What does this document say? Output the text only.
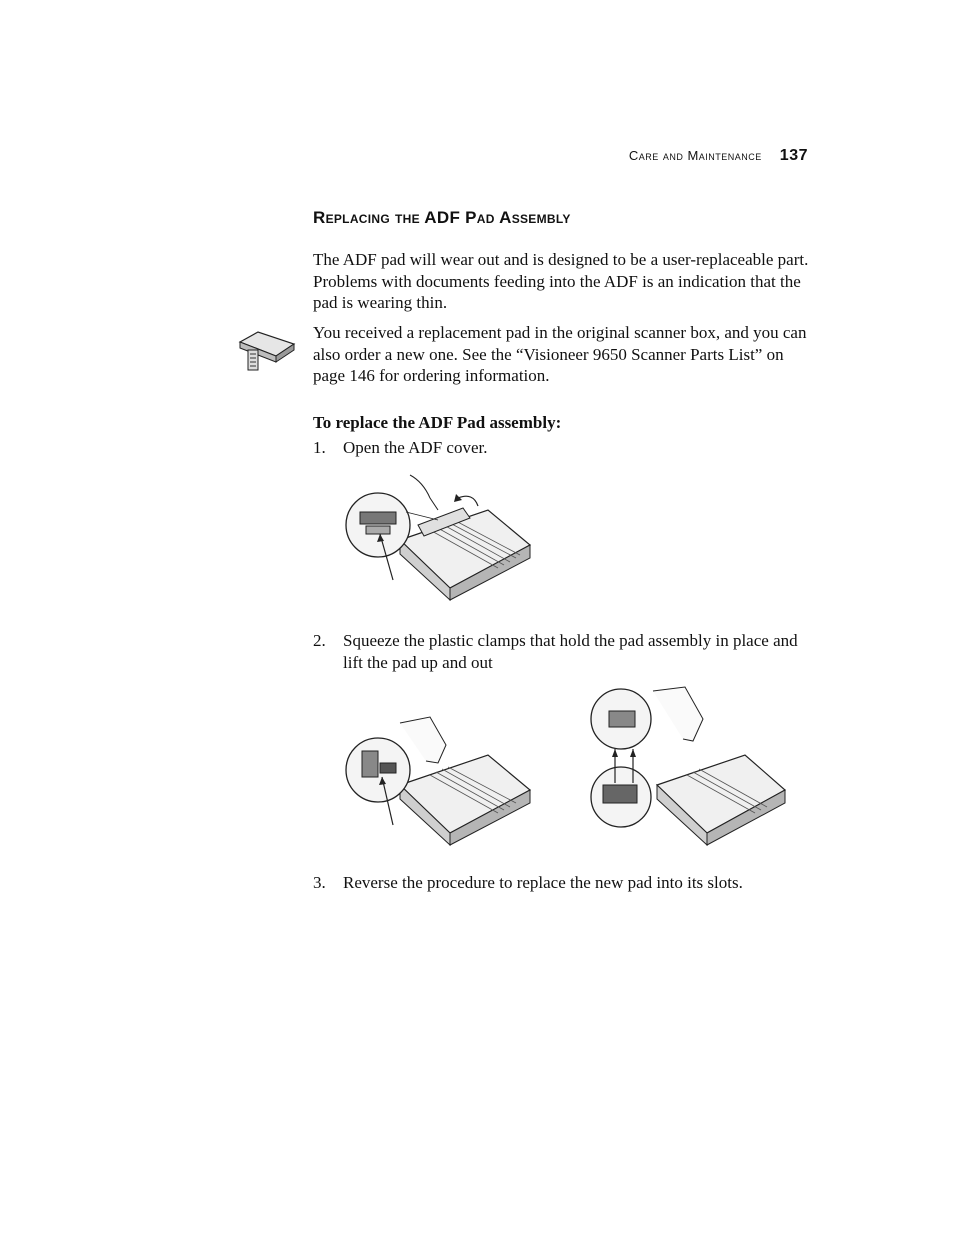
Care and Maintenance 137
Replacing the ADF Pad Assembly

The ADF pad will wear out and is designed to be a user-replaceable part. Problems with documents feeding into the ADF is an indication that the pad is wearing thin.

You received a replacement pad in the original scanner box, and you can also order a new one. See the “Visioneer 9650 Scanner Parts List” on page 146 for ordering information.

To replace the ADF Pad assembly:

1.	Open the ADF cover.
2.	Squeeze the plastic clamps that hold the pad assembly in place and lift the pad up and out
3.	Reverse the procedure to replace the new pad into its slots.
